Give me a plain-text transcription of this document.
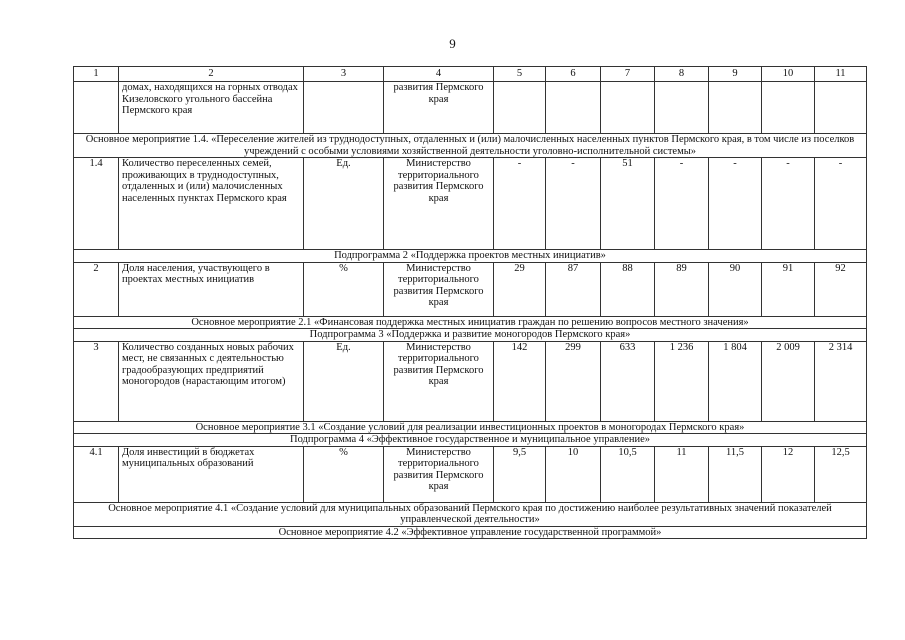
9
1	2	3	4	5	6	7	8	9	10	11
	домах, находящихся на горных отводах Кизеловского угольного бассейна Пермского края		развития Пермского края							
Основное мероприятие 1.4. «Переселение жителей из труднодоступных, отдаленных и (или) малочисленных населенных пунктов Пермского края, в том числе из поселков учреждений с особыми условиями хозяйственной деятельности уголовно-исполнительной системы»										
1.4	Количество переселенных семей, проживающих в труднодоступных, отдаленных и (или) малочисленных населенных пунктах Пермского края	Ед.	Министерство территориального развития Пермского края	-	-	51	-	-	-	-
Подпрограмма 2 «Поддержка проектов местных инициатив»										
2	Доля населения, участвующего в проектах местных инициатив	%	Министерство территориального развития Пермского края	29	87	88	89	90	91	92
Основное мероприятие 2.1 «Финансовая поддержка местных инициатив граждан по решению вопросов местного значения»										
Подпрограмма 3 «Поддержка и развитие моногородов Пермского края»										
3	Количество созданных новых рабочих мест, не связанных с деятельностью градообразующих предприятий моногородов (нарастающим итогом)	Ед.	Министерство территориального развития Пермского края	142	299	633	1 236	1 804	2 009	2 314
Основное мероприятие 3.1 «Создание условий для реализации инвестиционных проектов в моногородах Пермского края»										
Подпрограмма 4 «Эффективное государственное и муниципальное управление»										
4.1	Доля инвестиций в бюджетах муниципальных образований	%	Министерство территориального развития Пермского края	9,5	10	10,5	11	11,5	12	12,5
Основное мероприятие 4.1 «Создание условий для муниципальных образований Пермского края по достижению наиболее результативных значений показателей управленческой деятельности»										
Основное мероприятие 4.2 «Эффективное управление государственной программой»										
